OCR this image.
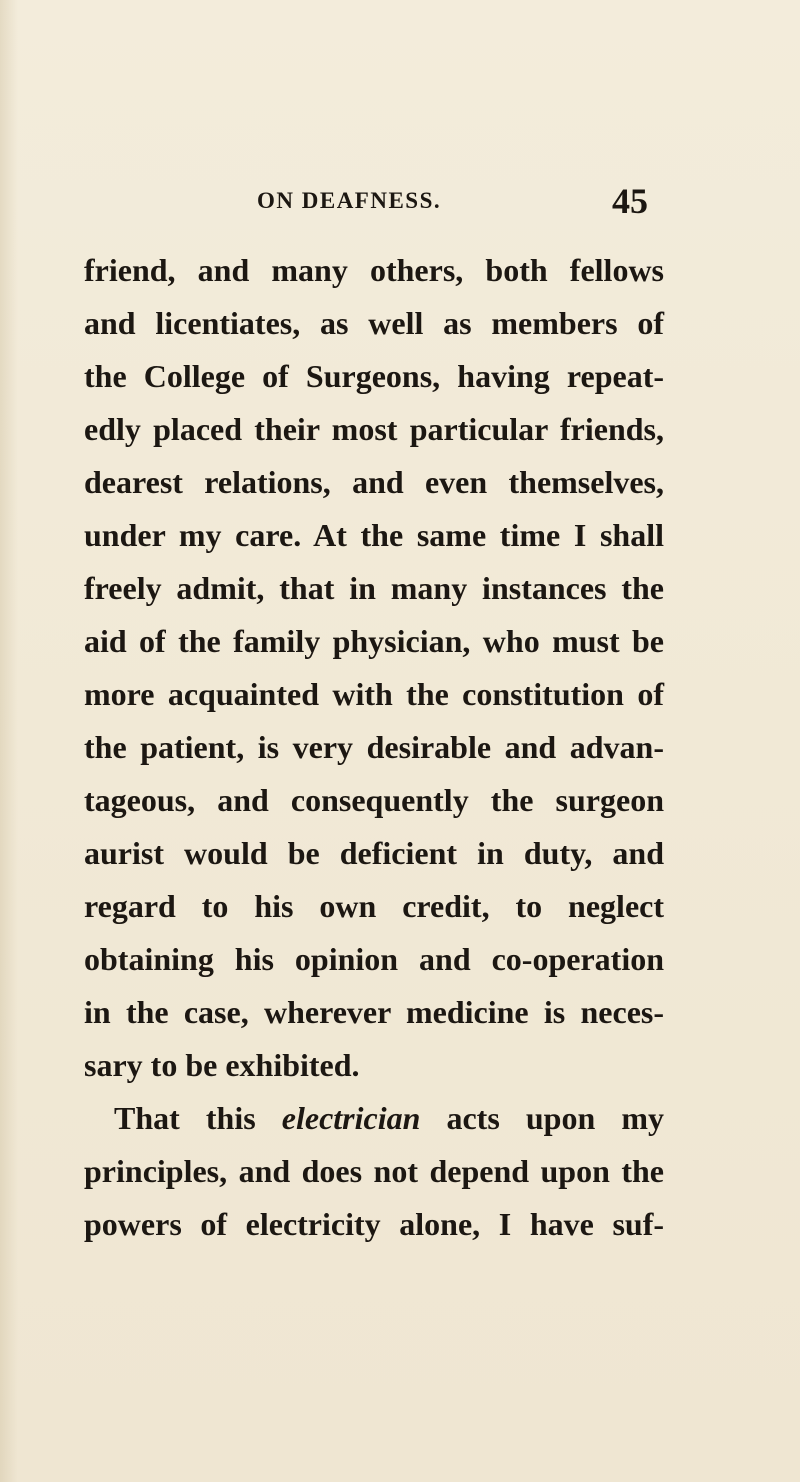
ON DEAFNESS.	45
friend, and many others, both fellows
and licentiates, as well as members of
the College of Surgeons, having repeat-
edly placed their most particular friends,
dearest relations, and even themselves,
under my care. At the same time I shall
freely admit, that in many instances the
aid of the family physician, who must be
more acquainted with the constitution of
the patient, is very desirable and advan-
tageous, and consequently the surgeon
aurist would be deficient in duty, and
regard to his own credit, to neglect
obtaining his opinion and co-operation
in the case, wherever medicine is neces-
sary to be exhibited.
That this electrician acts upon my
principles, and does not depend upon the
powers of electricity alone, I have suf-
